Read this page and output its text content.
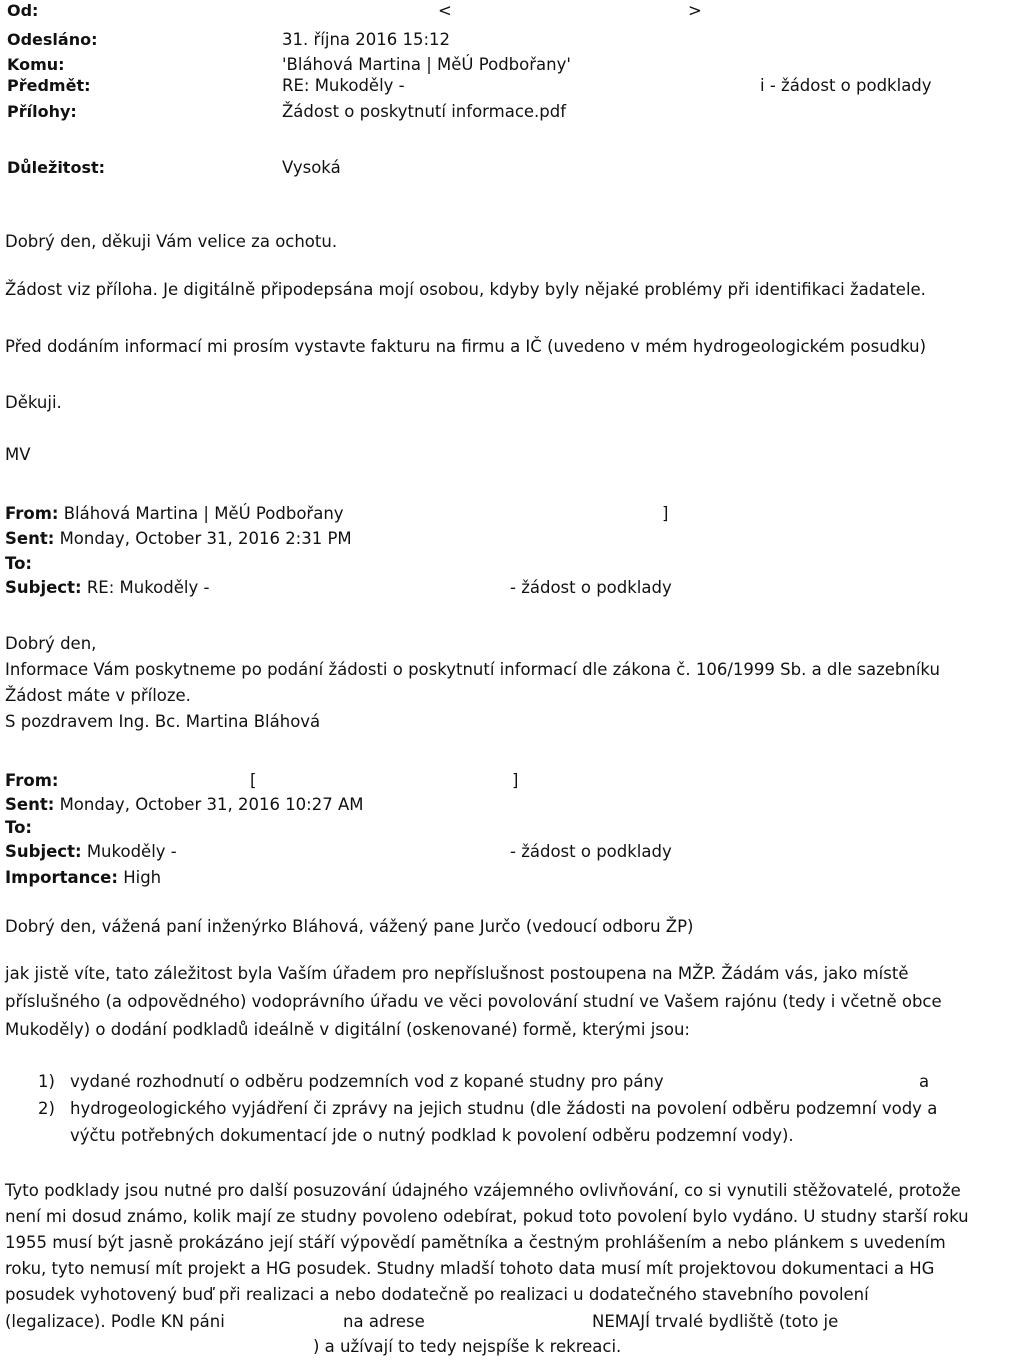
Od:	<	>
Odesláno:	31. října 2016 15:12
Komu:	'Bláhová Martina | MěÚ Podbořany'
Předmět:	RE: Mukoděly -	i - žádost o podklady
Přílohy:	Žádost o poskytnutí informace.pdf
Důležitost:	Vysoká
Dobrý den, děkuji Vám velice za ochotu.
Žádost viz příloha. Je digitálně připodepsána mojí osobou, kdyby byly nějaké problémy při identifikaci žadatele.
Před dodáním informací mi prosím vystavte fakturu na firmu a IČ (uvedeno v mém hydrogeologickém posudku)
Děkuji.
MV
From: Bláhová Martina | MěÚ Podbořany	]
Sent: Monday, October 31, 2016 2:31 PM
To:
Subject: RE: Mukoděly -	- žádost o podklady
Dobrý den,
Informace Vám poskytneme po podání žádosti o poskytnutí informací dle zákona č. 106/1999 Sb. a dle sazebníku
Žádost máte v příloze.
S pozdravem Ing. Bc. Martina Bláhová
From:	[	]
Sent: Monday, October 31, 2016 10:27 AM
To:
Subject: Mukoděly -	- žádost o podklady
Importance: High
Dobrý den, vážená paní inženýrko Bláhová, vážený pane Jurčo (vedoucí odboru ŽP)
jak jistě víte, tato záležitost byla Vaším úřadem pro nepříslušnost postoupena na MŽP. Žádám vás, jako místě
příslušného (a odpovědného) vodoprávního úřadu ve věci povolování studní ve Vašem rajónu (tedy i včetně obce
Mukoděly) o dodání podkladů ideálně v digitální (oskenované) formě, kterými jsou:
1) vydané rozhodnutí o odběru podzemních vod z kopané studny pro pány	a
2) hydrogeologického vyjádření či zprávy na jejich studnu (dle žádosti na povolení odběru podzemní vody a
výčtu potřebných dokumentací jde o nutný podklad k povolení odběru podzemní vody).
Tyto podklady jsou nutné pro další posuzování údajného vzájemného ovlivňování, co si vynutili stěžovatelé, protože
není mi dosud známo, kolik mají ze studny povoleno odebírat, pokud toto povolení bylo vydáno. U studny starší roku
1955 musí být jasně prokázáno její stáří výpovědí pamětníka a čestným prohlášením a nebo plánkem s uvedením
roku, tyto nemusí mít projekt a HG posudek. Studny mladší tohoto data musí mít projektovou dokumentaci a HG
posudek vyhotovený buď při realizaci a nebo dodatečně po realizaci u dodatečného stavebního povolení
(legalizace). Podle KN páni	na adrese	NEMAJÍ trvalé bydliště (toto je
) a užívají to tedy nejspíše k rekreaci.
